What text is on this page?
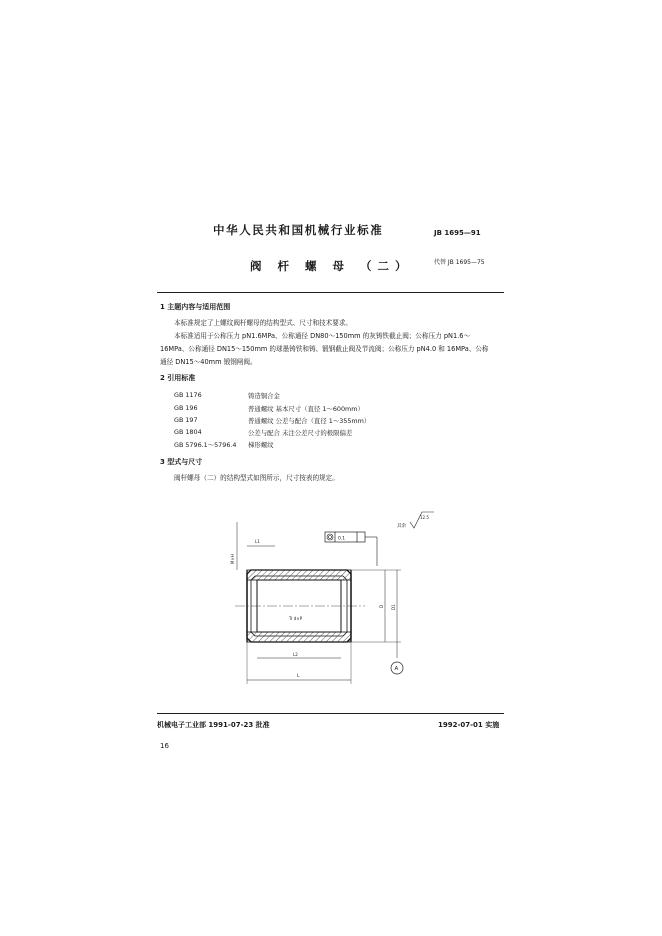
中华人民共和国机械行业标准	JB 1695—91
阀 杆 螺 母 （二）	代替 JB 1695—75
1 主题内容与适用范围
本标准规定了上螺纹阀杆螺母的结构型式、尺寸和技术要求。
本标准适用于公称压力 pN1.6MPa、公称通径 DN80～150mm 的灰铸铁截止阀；公称压力 pN1.6～
16MPa、公称通径 DN15～150mm 的球墨铸铁和铸、锻钢截止阀及节流阀；公称压力 pN4.0 和 16MPa、公称
通径 DN15～40mm 锻钢闸阀。
2 引用标准
GB 1176	铸造铜合金
GB 196	普通螺纹 基本尺寸（直径 1～600mm）
GB 197	普通螺纹 公差与配合（直径 1～355mm）
GB 1804	公差与配合 未注公差尺寸的极限偏差
GB 5796.1～5796.4 梯形螺纹
3 型式与尺寸
阀杆螺母（二）的结构型式如图所示，尺寸按表的规定。
其余
12.5
0.1
M×H
L1
Tr d×P
L2
L
D D1
A
机械电子工业部 1991-07-23 批准	1992-07-01 实施
16
